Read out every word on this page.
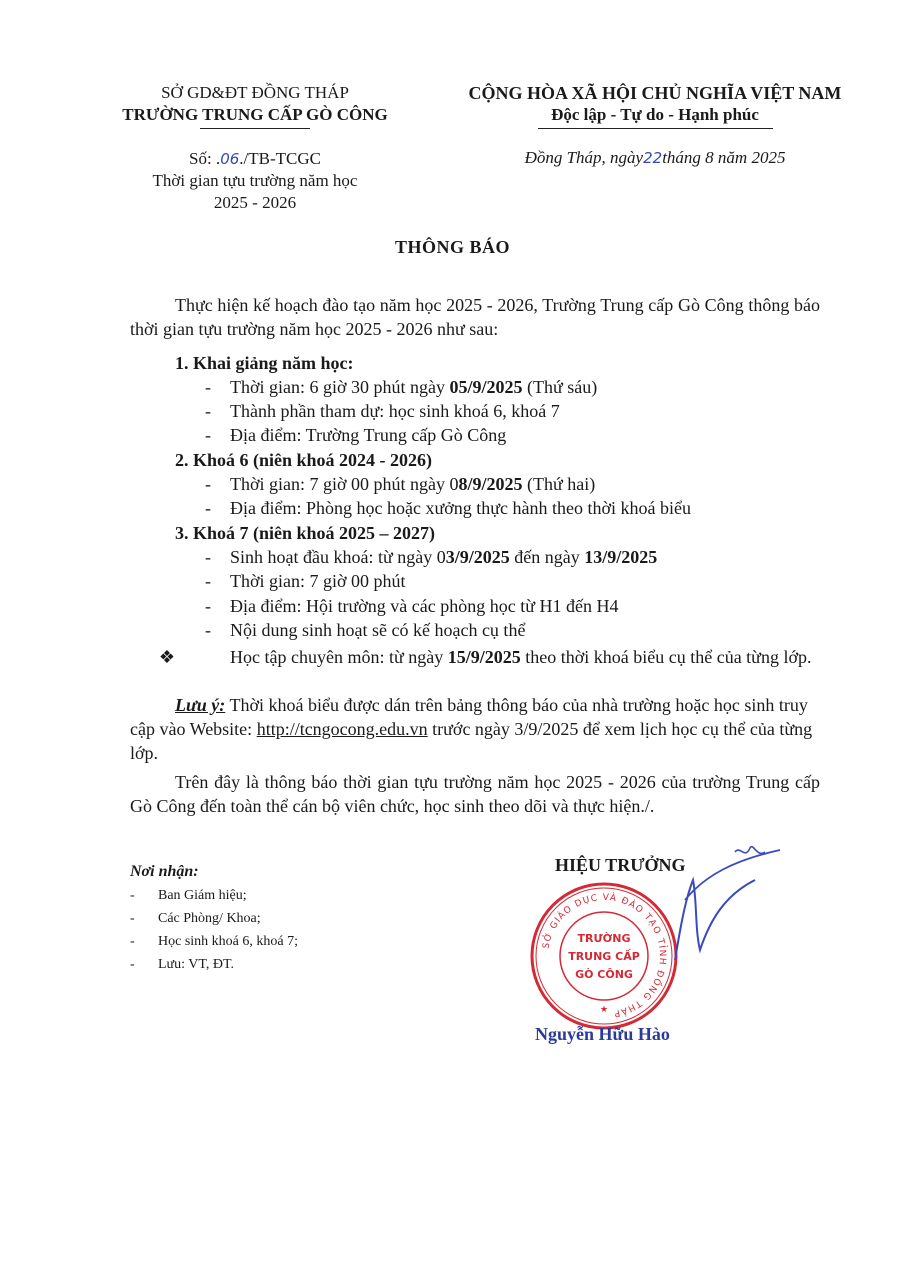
SỞ GD&ĐT ĐỒNG THÁP
TRƯỜNG TRUNG CẤP GÒ CÔNG
CỘNG HÒA XÃ HỘI CHỦ NGHĨA VIỆT NAM
Độc lập - Tự do - Hạnh phúc
Số: .06./TB-TCGC
Thời gian tựu trường năm học
2025 - 2026
Đồng Tháp, ngày22tháng 8 năm 2025
THÔNG BÁO
Thực hiện kế hoạch đào tạo năm học 2025 - 2026, Trường Trung cấp Gò Công thông báo thời gian tựu trường năm học 2025 - 2026 như sau:
1. Khai giảng năm học:
- Thời gian: 6 giờ 30 phút ngày 05/9/2025 (Thứ sáu)
- Thành phần tham dự: học sinh khoá 6, khoá 7
- Địa điểm: Trường Trung cấp Gò Công
2. Khoá 6 (niên khoá 2024 - 2026)
- Thời gian: 7 giờ 00 phút ngày 08/9/2025 (Thứ hai)
- Địa điểm: Phòng học hoặc xưởng thực hành theo thời khoá biểu
3. Khoá 7 (niên khoá 2025 – 2027)
- Sinh hoạt đầu khoá: từ ngày 03/9/2025 đến ngày 13/9/2025
- Thời gian: 7 giờ 00 phút
- Địa điểm: Hội trường và các phòng học từ H1 đến H4
- Nội dung sinh hoạt sẽ có kế hoạch cụ thể
❖	Học tập chuyên môn: từ ngày 15/9/2025 theo thời khoá biểu cụ thể của từng lớp.
Lưu ý: Thời khoá biểu được dán trên bảng thông báo của nhà trường hoặc học sinh truy cập vào Website: http://tcngocong.edu.vn trước ngày 3/9/2025 để xem lịch học cụ thể của từng lớp.
Trên đây là thông báo thời gian tựu trường năm học 2025 - 2026 của trường Trung cấp Gò Công đến toàn thể cán bộ viên chức, học sinh theo dõi và thực hiện./.
Nơi nhận:
- Ban Giám hiệu;
- Các Phòng/ Khoa;
- Học sinh khoá 6, khoá 7;
- Lưu: VT, ĐT.
HIỆU TRƯỞNG
SỞ GIÁO DỤC VÀ ĐÀO TẠO TỈNH ĐỒNG THÁP
TRƯỜNG
TRUNG CẤP
GÒ CÔNG
★
Nguyễn Hữu Hào
